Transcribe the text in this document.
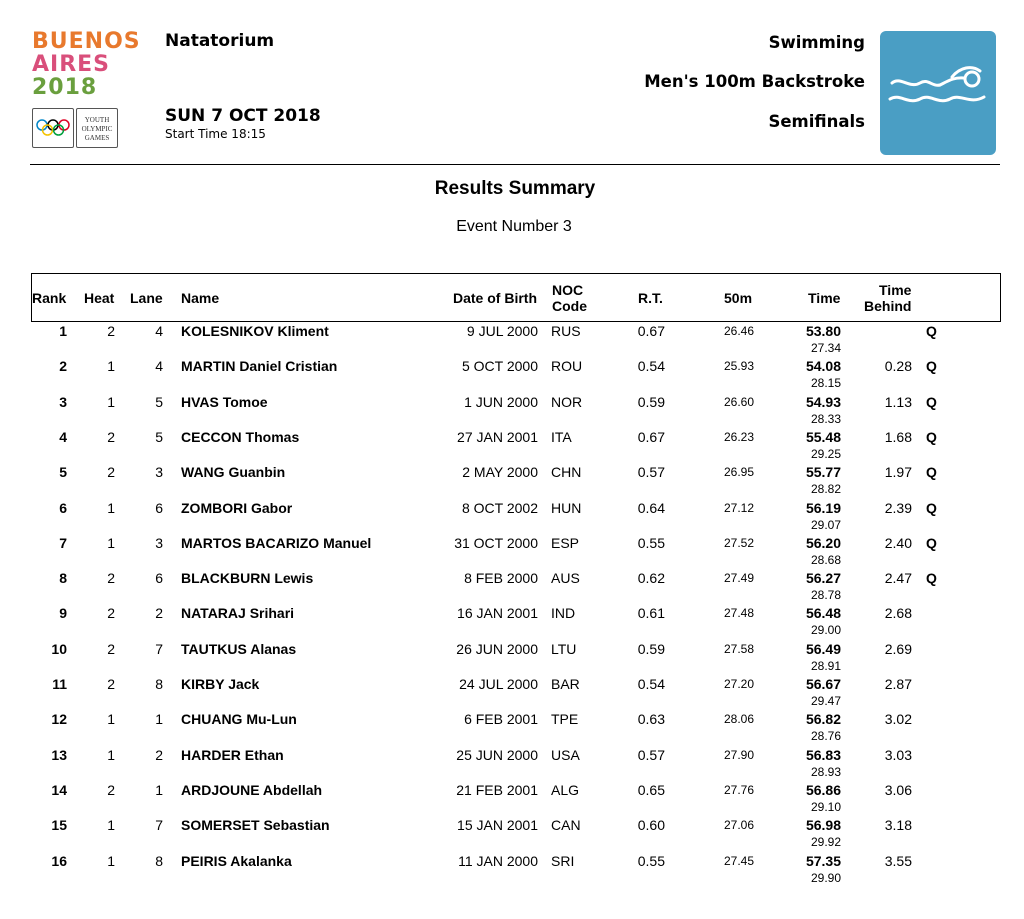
BUENOS
AIRES
2018
YOUTH
OLYMPIC
GAMES
Natatorium
SUN 7 OCT 2018
Start Time 18:15
Swimming
Men's 100m Backstroke
Semifinals
Results Summary
Event Number 3
Rank Heat Lane Name	Date of Birth NOC
Code	R.T.	50m	Time	Time
Behind
1	2	4 KOLESNIKOV Kliment	9 JUL 2000 RUS	0.67	26.46	53.80
27.34
Q
2	1	4 MARTIN Daniel Cristian	5 OCT 2000 ROU	0.54	25.93	54.08
28.15
0.28 Q
3	1	5 HVAS Tomoe	1 JUN 2000 NOR	0.59	26.60	54.93
28.33
1.13 Q
4	2	5 CECCON Thomas	27 JAN 2001 ITA	0.67	26.23	55.48
29.25
1.68 Q
5	2	3 WANG Guanbin	2 MAY 2000 CHN	0.57	26.95	55.77
28.82
1.97 Q
6	1	6 ZOMBORI Gabor	8 OCT 2002 HUN	0.64	27.12	56.19
29.07
2.39 Q
7	1	3 MARTOS BACARIZO Manuel	31 OCT 2000 ESP	0.55	27.52	56.20
28.68
2.40 Q
8	2	6 BLACKBURN Lewis	8 FEB 2000 AUS	0.62	27.49	56.27
28.78
2.47 Q
9	2	2 NATARAJ Srihari	16 JAN 2001 IND	0.61	27.48	56.48
29.00
2.68
10	2	7 TAUTKUS Alanas	26 JUN 2000 LTU	0.59	27.58	56.49
28.91
2.69
11	2	8 KIRBY Jack	24 JUL 2000 BAR	0.54	27.20	56.67
29.47
2.87
12	1	1 CHUANG Mu-Lun	6 FEB 2001 TPE	0.63	28.06	56.82
28.76
3.02
13	1	2 HARDER Ethan	25 JUN 2000 USA	0.57	27.90	56.83
28.93
3.03
14	2	1 ARDJOUNE Abdellah	21 FEB 2001 ALG	0.65	27.76	56.86
29.10
3.06
15	1	7 SOMERSET Sebastian	15 JAN 2001 CAN	0.60	27.06	56.98
29.92
3.18
16	1	8 PEIRIS Akalanka	11 JAN 2000 SRI	0.55	27.45	57.35
29.90
3.55
